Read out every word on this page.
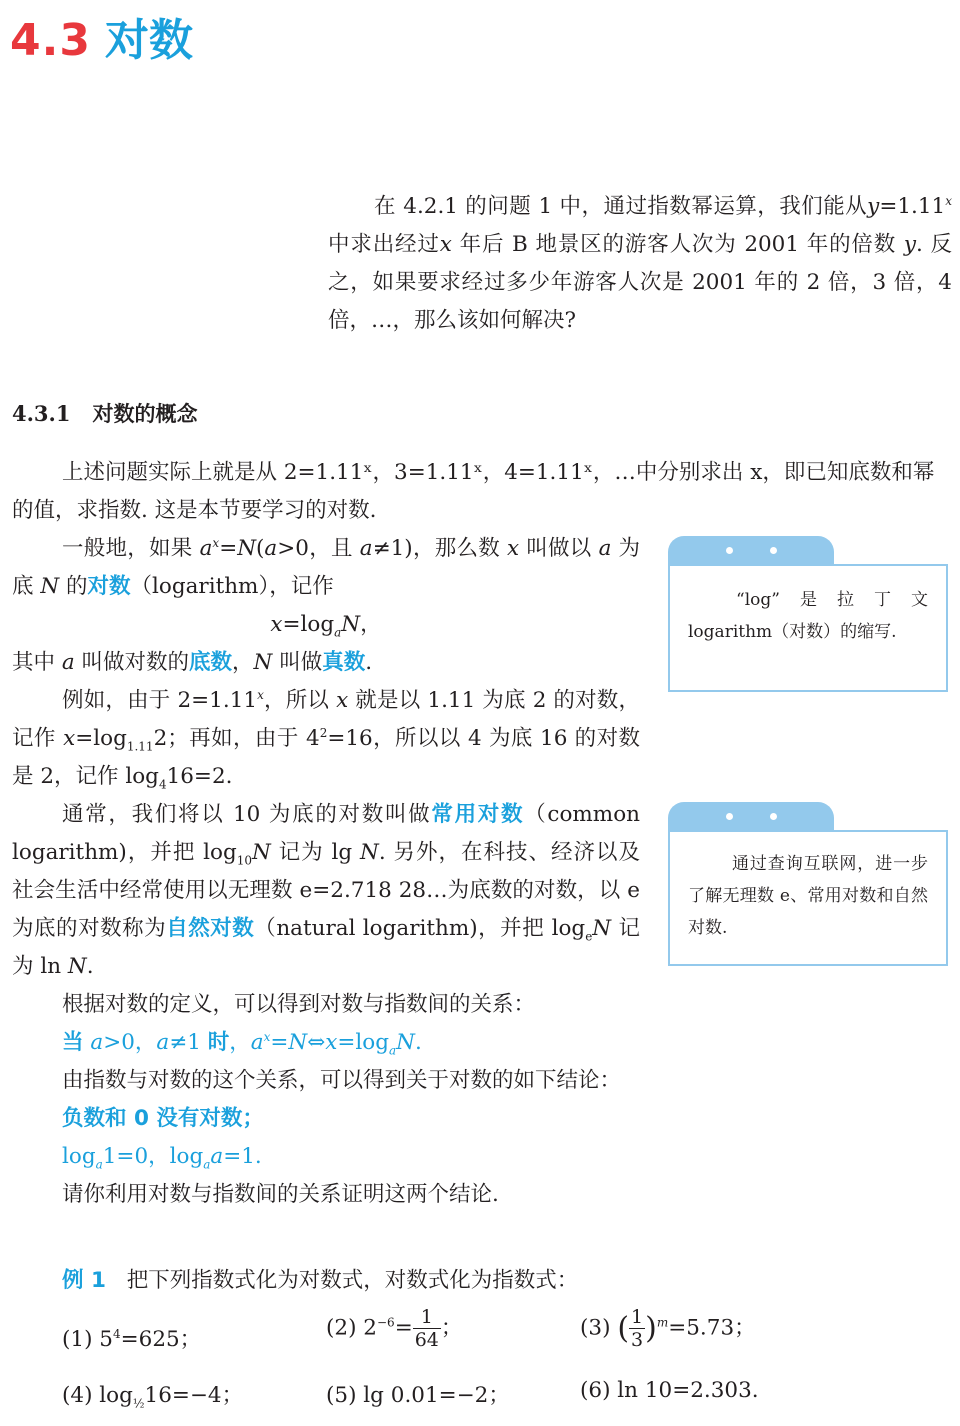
4.3 对数
在 4.2.1 的问题 1 中，通过指数幂运算，我们能从$y=1.11^x$中求出经过x 年后 B 地景区的游客人次为 2001 年的倍数 y. 反之，如果要求经过多少年游客人次是 2001 年的 2 倍，3 倍，4 倍，…，那么该如何解决?
4.3.1 对数的概念

上述问题实际上就是从 2=1.11ˣ，3=1.11ˣ，4=1.11ˣ，…中分别求出 x，即已知底数和幂的值，求指数. 这是本节要学习的对数.

一般地，如果 $a^x=N(a>0$，且 a≠1)，那么数 x 叫做以 a 为底 N 的对数（logarithm），记作

$x=\log_aN$，

其中 a 叫做对数的底数，N 叫做真数.

例如，由于 $2=1.11^x$，所以 x 就是以 1.11 为底 2 的对数，记作 $x=\log_{1.11}2$；再如，由于 $4^2=16$，所以以 4 为底 16 的对数是 2，记作 $\log_416=2$.

通常，我们将以 10 为底的对数叫做常用对数（common logarithm)，并把 $\log_{10}N$ 记为 lg N. 另外，在科技、经济以及社会生活中经常使用以无理数 e=2.718 28…为底数的对数，以 e 为底的对数称为自然对数（natural logarithm)，并把 $\log_eN$ 记为 ln N.

根据对数的定义，可以得到对数与指数间的关系：

当 a>0，a≠1 时，$a^x=N\Leftrightarrow x=\log_aN$.

由指数与对数的这个关系，可以得到关于对数的如下结论：

负数和 0 没有对数；

$\log_a1=0$，$\log_aa=1$.

请你利用对数与指数间的关系证明这两个结论.

“log”是拉丁文 logarithm（对数）的缩写.
通过查询互联网，进一步了解无理数 e、常用对数和自然对数.
例 1 把下列指数式化为对数式，对数式化为指数式：
(1) $5^4=625$；	(2) $2^{-6}= \frac{1}{64}$ ；	(3) ( $\frac{1}{3} )^m=5.73$；
(4) $\log_{\frac{1}{2}}16=-4$；	(5) lg 0.01=−2；	(6) ln 10=2.303.
